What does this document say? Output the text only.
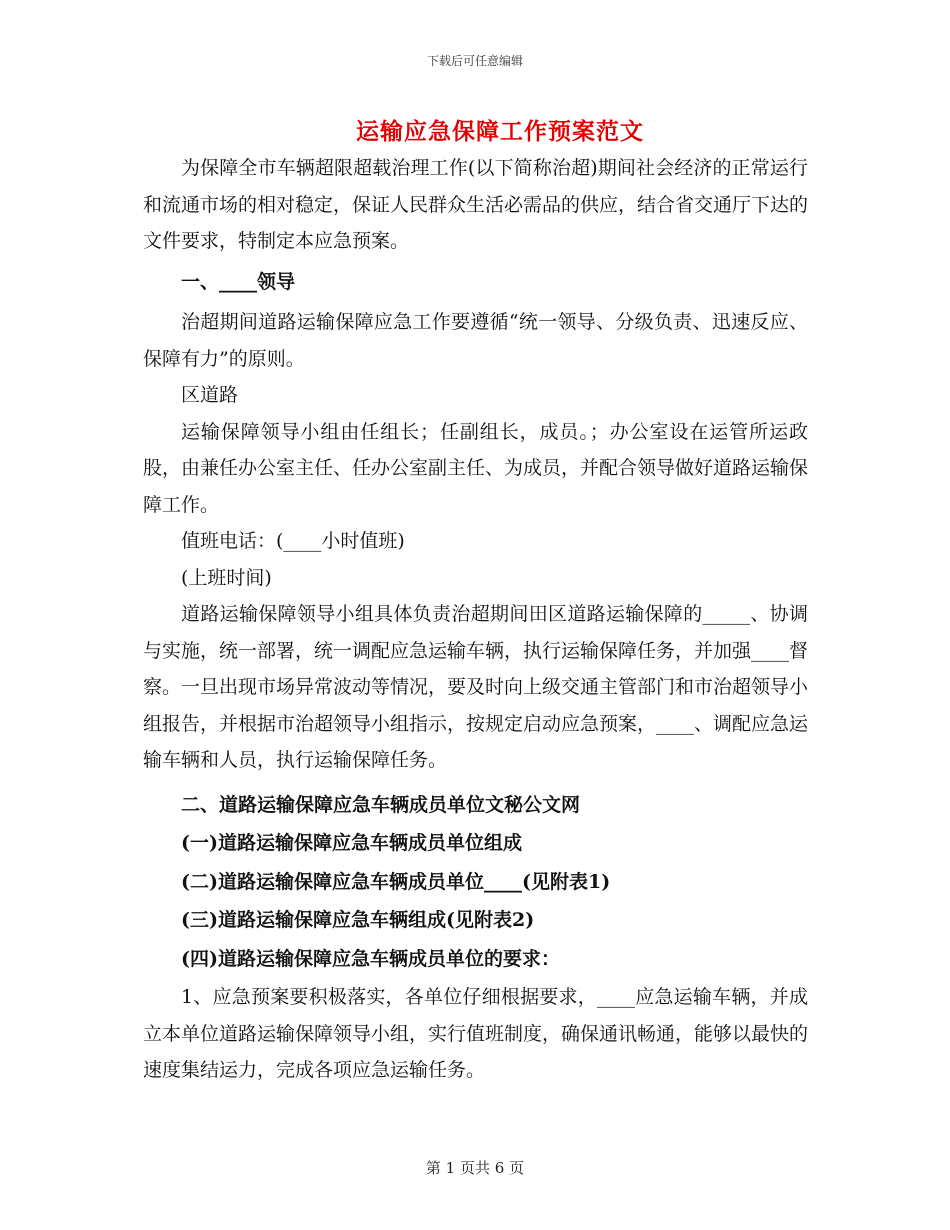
下载后可任意编辑
运输应急保障工作预案范文

为保障全市车辆超限超载治理工作(以下简称治超)期间社会经济的正常运行和流通市场的相对稳定，保证人民群众生活必需品的供应，结合省交通厅下达的文件要求，特制定本应急预案。

一、____领导

治超期间道路运输保障应急工作要遵循“统一领导、分级负责、迅速反应、保障有力”的原则。

区道路

运输保障领导小组由任组长；任副组长，成员。；办公室设在运管所运政股，由兼任办公室主任、任办公室副主任、为成员，并配合领导做好道路运输保障工作。

值班电话：(____小时值班)

(上班时间)

道路运输保障领导小组具体负责治超期间田区道路运输保障的_____、协调与实施，统一部署，统一调配应急运输车辆，执行运输保障任务，并加强____督察。一旦出现市场异常波动等情况，要及时向上级交通主管部门和市治超领导小组报告，并根据市治超领导小组指示，按规定启动应急预案，____、调配应急运输车辆和人员，执行运输保障任务。

二、道路运输保障应急车辆成员单位文秘公文网

(一)道路运输保障应急车辆成员单位组成

(二)道路运输保障应急车辆成员单位____(见附表1)

(三)道路运输保障应急车辆组成(见附表2)

(四)道路运输保障应急车辆成员单位的要求：

1、应急预案要积极落实，各单位仔细根据要求，____应急运输车辆，并成立本单位道路运输保障领导小组，实行值班制度，确保通讯畅通，能够以最快的速度集结运力，完成各项应急运输任务。

第 1 页共 6 页
